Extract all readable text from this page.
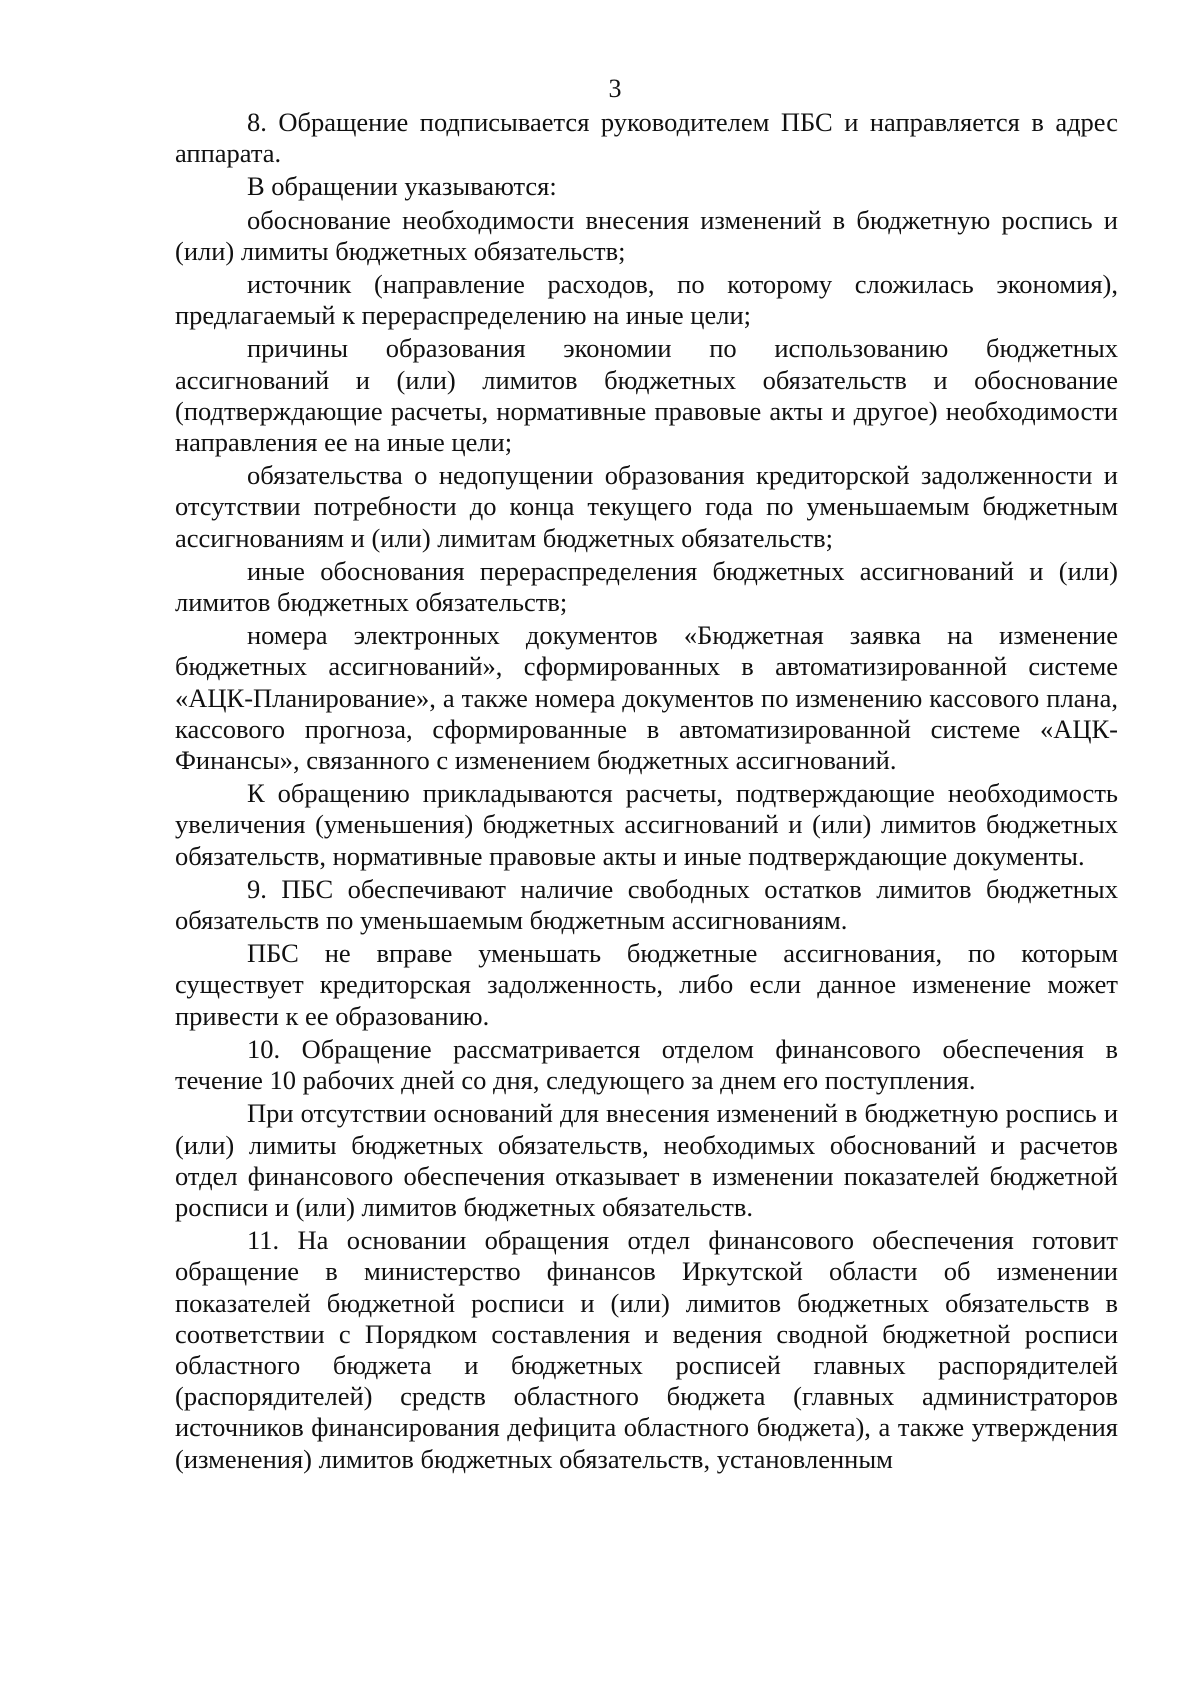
3

8. Обращение подписывается руководителем ПБС и направляется в адрес аппарата.

В обращении указываются:

обоснование необходимости внесения изменений в бюджетную роспись и (или) лимиты бюджетных обязательств;

источник (направление расходов, по которому сложилась экономия), предлагаемый к перераспределению на иные цели;

причины образования экономии по использованию бюджетных ассигнований и (или) лимитов бюджетных обязательств и обоснование (подтверждающие расчеты, нормативные правовые акты и другое) необходимости направления ее на иные цели;

обязательства о недопущении образования кредиторской задолженности и отсутствии потребности до конца текущего года по уменьшаемым бюджетным ассигнованиям и (или) лимитам бюджетных обязательств;

иные обоснования перераспределения бюджетных ассигнований и (или) лимитов бюджетных обязательств;

номера электронных документов «Бюджетная заявка на изменение бюджетных ассигнований», сформированных в автоматизированной системе «АЦК-Планирование», а также номера документов по изменению кассового плана, кассового прогноза, сформированные в автоматизированной системе «АЦК-Финансы», связанного с изменением бюджетных ассигнований.

К обращению прикладываются расчеты, подтверждающие необходимость увеличения (уменьшения) бюджетных ассигнований и (или) лимитов бюджетных обязательств, нормативные правовые акты и иные подтверждающие документы.

9. ПБС обеспечивают наличие свободных остатков лимитов бюджетных обязательств по уменьшаемым бюджетным ассигнованиям.

ПБС не вправе уменьшать бюджетные ассигнования, по которым существует кредиторская задолженность, либо если данное изменение может привести к ее образованию.

10. Обращение рассматривается отделом финансового обеспечения в течение 10 рабочих дней со дня, следующего за днем его поступления.

При отсутствии оснований для внесения изменений в бюджетную роспись и (или) лимиты бюджетных обязательств, необходимых обоснований и расчетов отдел финансового обеспечения отказывает в изменении показателей бюджетной росписи и (или) лимитов бюджетных обязательств.

11. На основании обращения отдел финансового обеспечения готовит обращение в министерство финансов Иркутской области об изменении показателей бюджетной росписи и (или) лимитов бюджетных обязательств в соответствии с Порядком составления и ведения сводной бюджетной росписи областного бюджета и бюджетных росписей главных распорядителей (распорядителей) средств областного бюджета (главных администраторов источников финансирования дефицита областного бюджета), а также утверждения (изменения) лимитов бюджетных обязательств, установленным
